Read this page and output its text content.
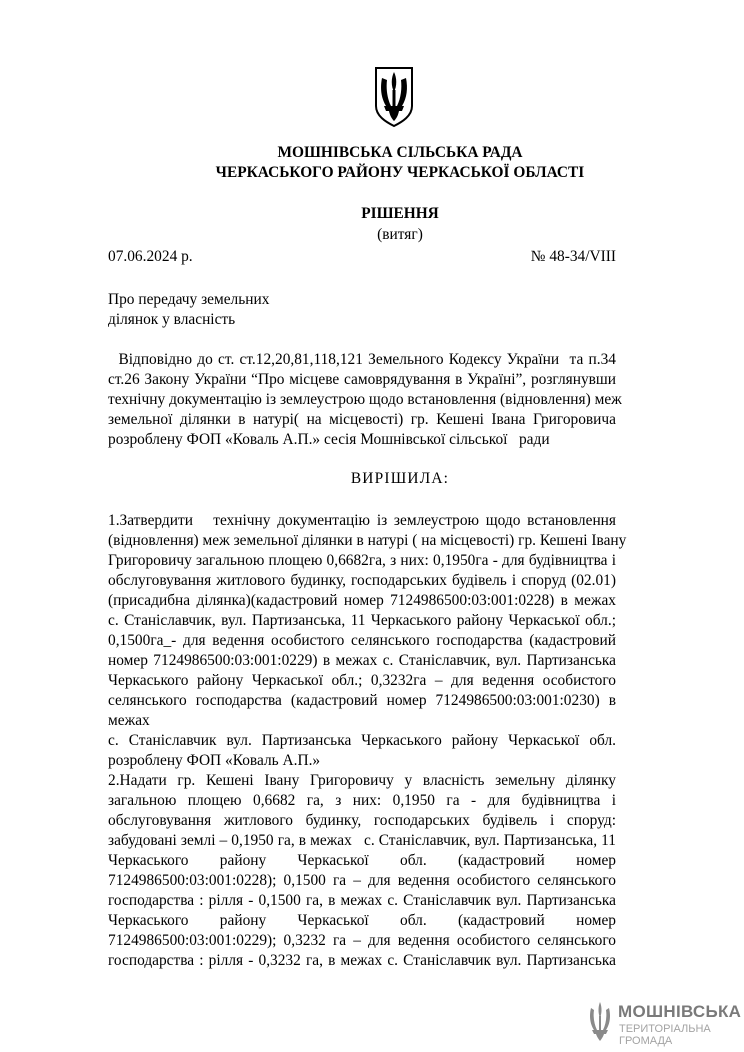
МОШНІВСЬКА СІЛЬСЬКА РАДА
ЧЕРКАСЬКОГО РАЙОНУ ЧЕРКАСЬКОЇ ОБЛАСТІ
РІШЕННЯ
(витяг)
07.06.2024 р.	№ 48-34/VIII
Про передачу земельних
ділянок у власність
Відповідно до ст. ст.12,20,81,118,121 Земельного Кодексу України  та п.34
ст.26 Закону України “Про місцеве самоврядування в Україні”, розглянувши
технічну документацію із землеустрою щодо встановлення (відновлення) меж
земельної ділянки в натурі( на місцевості) гр. Кешені Івана Григоровича
розроблену ФОП «Коваль А.П.» сесія Мошнівської сільської   ради
ВИРІШИЛА:
1.Затвердити   технічну документацію із землеустрою щодо встановлення
(відновлення) меж земельної ділянки в натурі ( на місцевості) гр. Кешені Івану
Григоровичу загальною площею 0,6682га, з них: 0,1950га - для будівництва і
обслуговування житлового будинку, господарських будівель і споруд (02.01)
(присадибна ділянка)(кадастровий номер 7124986500:03:001:0228) в межах
с. Станіславчик, вул. Партизанська, 11 Черкаського району Черкаської обл.;
0,1500га_- для ведення особистого селянського господарства (кадастровий
номер 7124986500:03:001:0229) в межах с. Станіславчик, вул. Партизанська
Черкаського району Черкаської обл.; 0,3232га – для ведення особистого
селянського господарства (кадастровий номер 7124986500:03:001:0230) в
межах
с. Станіславчик вул. Партизанська Черкаського району Черкаської обл.
розроблену ФОП «Коваль А.П.»
2.Надати гр. Кешені Івану Григоровичу у власність земельну ділянку
загальною площею 0,6682 га, з них: 0,1950 га - для будівництва і
обслуговування житлового будинку, господарських будівель і споруд:
забудовані землі – 0,1950 га, в межах   с. Станіславчик, вул. Партизанська, 11
Черкаського району Черкаської обл. (кадастровий номер
7124986500:03:001:0228); 0,1500 га – для ведення особистого селянського
господарства : рілля - 0,1500 га, в межах с. Станіславчик вул. Партизанська
Черкаського району Черкаської обл. (кадастровий номер
7124986500:03:001:0229); 0,3232 га – для ведення особистого селянського
господарства : рілля - 0,3232 га, в межах с. Станіславчик вул. Партизанська
МОШНІВСЬКА
ТЕРИТОРІАЛЬНА
ГРОМАДА
